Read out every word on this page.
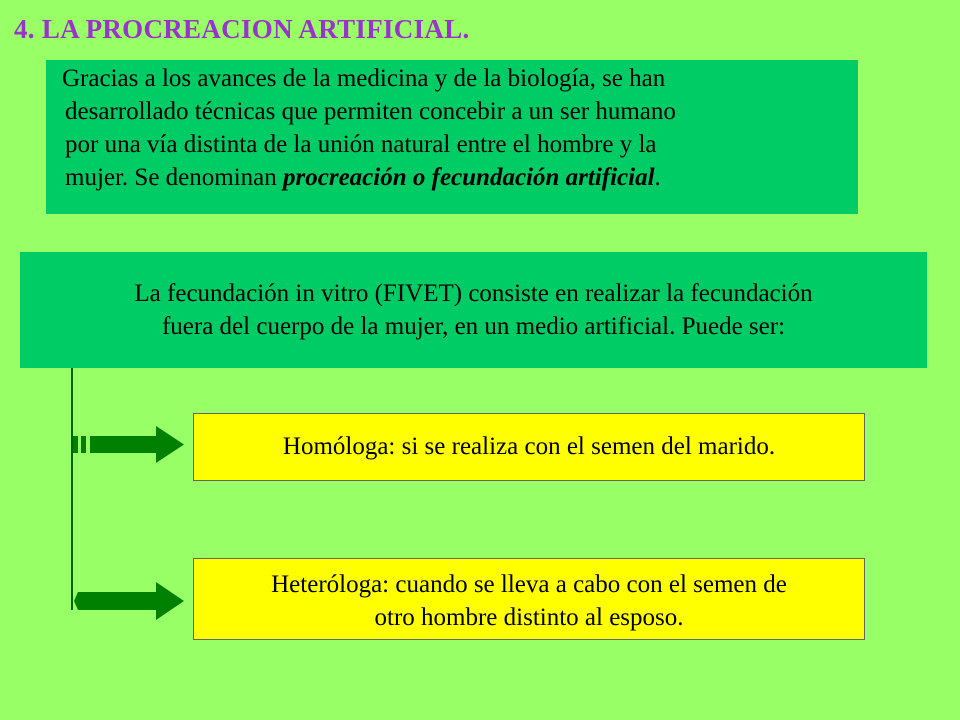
4. LA PROCREACION ARTIFICIAL.
Gracias a los avances de la medicina y de la biología, se han
desarrollado técnicas que permiten concebir a un ser humano
por una vía distinta de la unión natural entre el hombre y la
mujer. Se denominan procreación o fecundación artificial.
La fecundación in vitro (FIVET) consiste en realizar la fecundación
fuera del cuerpo de la mujer, en un medio artificial. Puede ser:
Homóloga: si se realiza con el semen del marido.
Heteróloga: cuando se lleva a cabo con el semen de
otro hombre distinto al esposo.
